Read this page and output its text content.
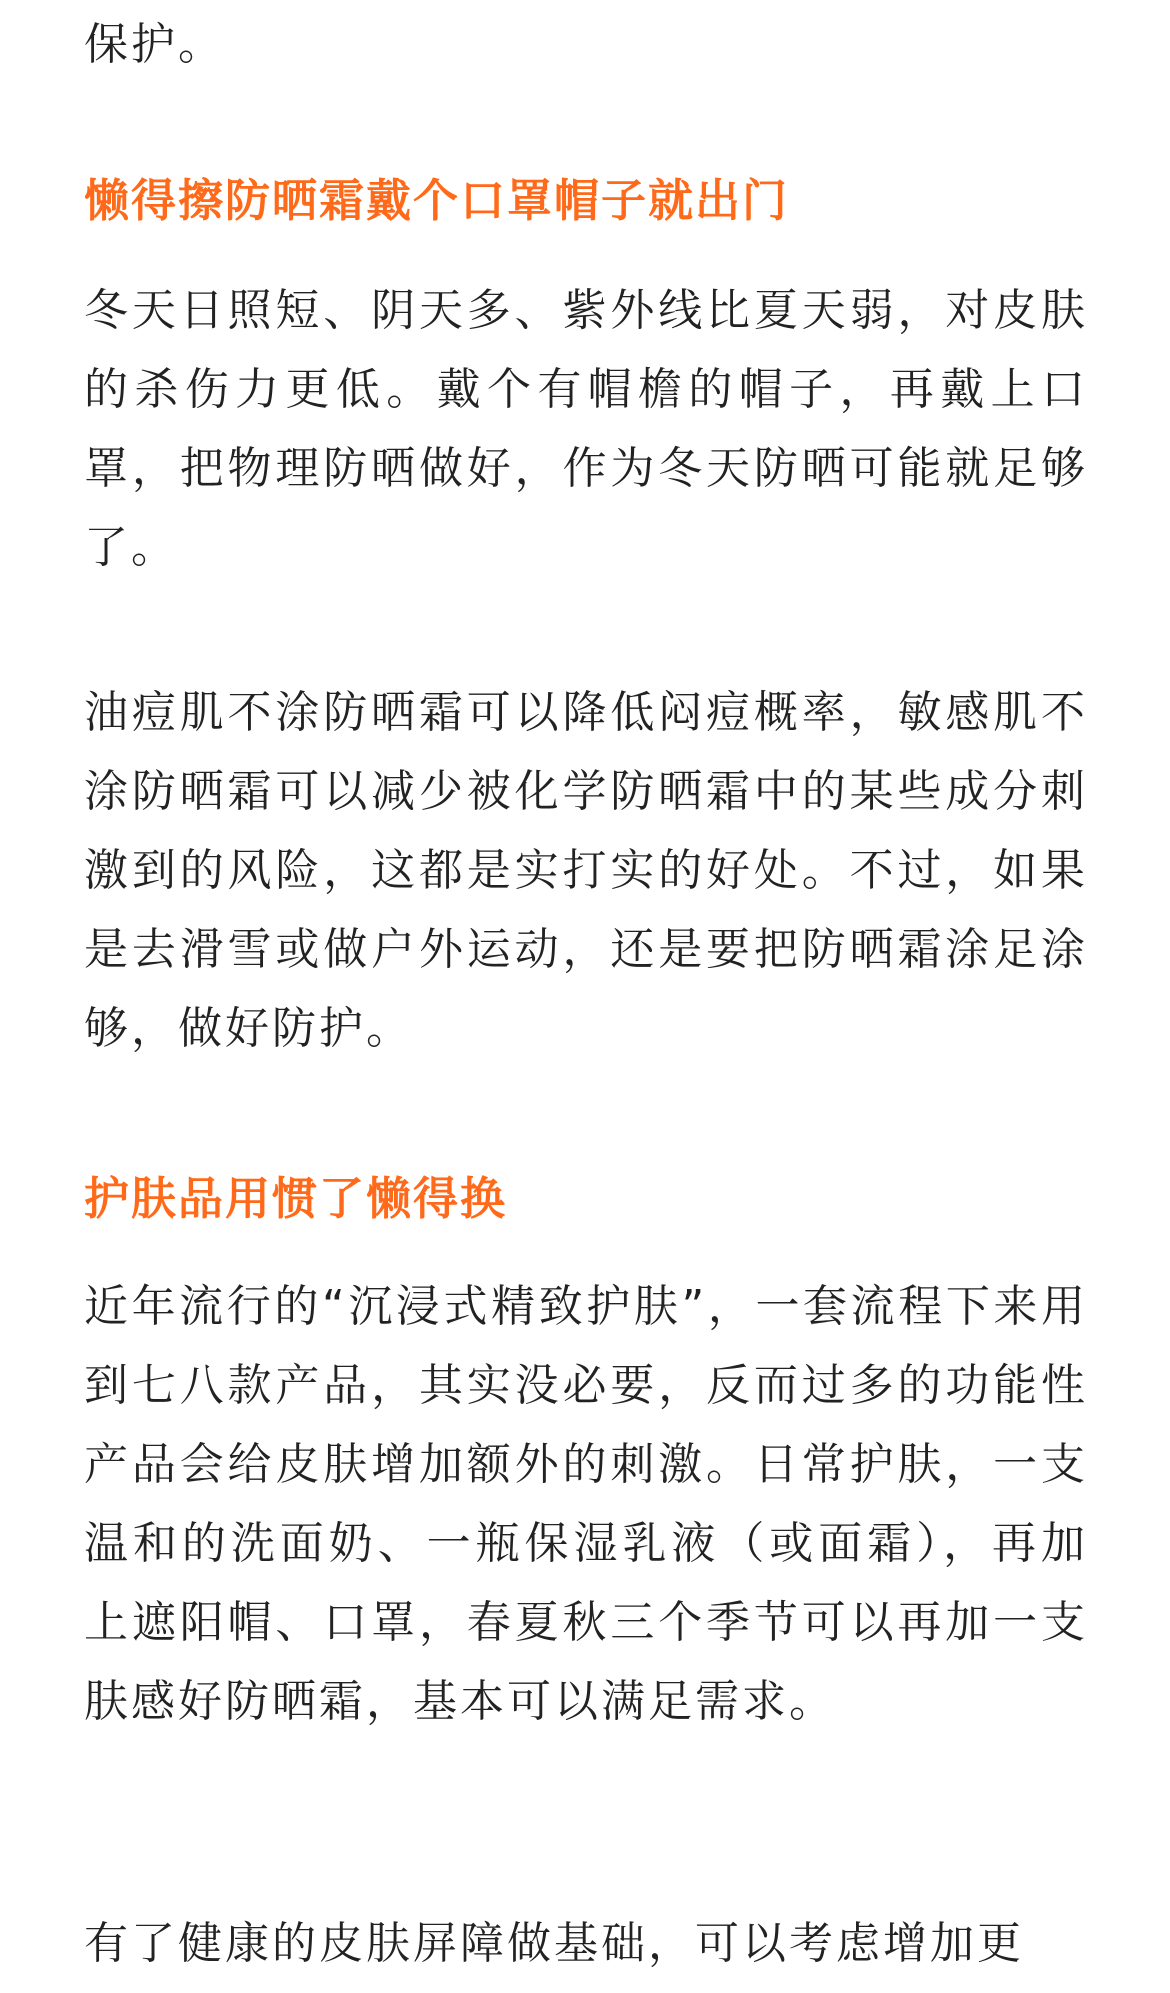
保护。

懒得擦防晒霜戴个口罩帽子就出门

冬天日照短、阴天多、紫外线比夏天弱，对皮肤的杀伤力更低。戴个有帽檐的帽子，再戴上口罩，把物理防晒做好，作为冬天防晒可能就足够了。

油痘肌不涂防晒霜可以降低闷痘概率，敏感肌不涂防晒霜可以减少被化学防晒霜中的某些成分刺激到的风险，这都是实打实的好处。不过，如果是去滑雪或做户外运动，还是要把防晒霜涂足涂够，做好防护。

护肤品用惯了懒得换

近年流行的“沉浸式精致护肤”，一套流程下来用到七八款产品，其实没必要，反而过多的功能性产品会给皮肤增加额外的刺激。日常护肤，一支温和的洗面奶、一瓶保湿乳液（或面霜），再加上遮阳帽、口罩，春夏秋三个季节可以再加一支肤感好防晒霜，基本可以满足需求。

有了健康的皮肤屏障做基础，可以考虑增加更
